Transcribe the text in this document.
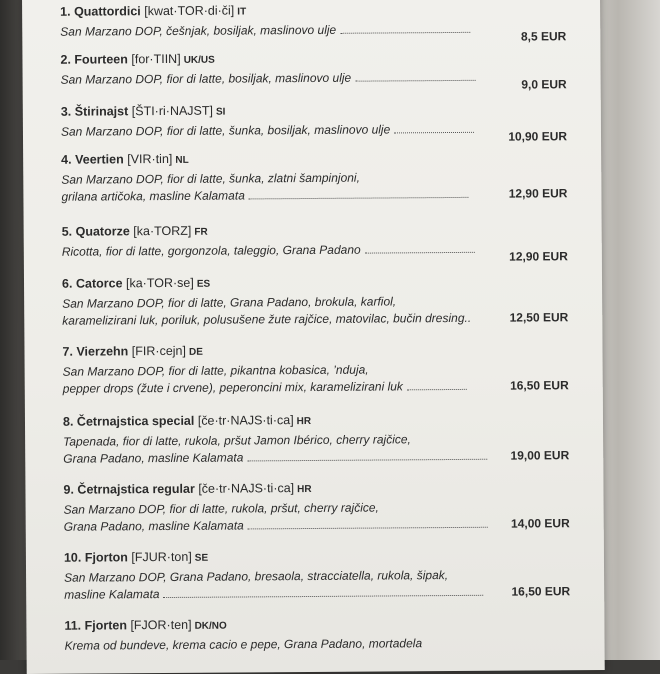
1. Quattordici [kwat·TOR·di·či] IT
San Marzano DOP, češnjak, bosiljak, maslinovo ulje	8,5 EUR
2. Fourteen [for·TIIN] UK/US
San Marzano DOP, fior di latte, bosiljak, maslinovo ulje	9,0 EUR
3. Štirinajst [ŠTI·ri·NAJST] SI
San Marzano DOP, fior di latte, šunka, bosiljak, maslinovo ulje	10,90 EUR
4. Veertien [VIR·tin] NL
San Marzano DOP, fior di latte, šunka, zlatni šampinjoni,
grilana artičoka, masline Kalamata	12,90 EUR
5. Quatorze [ka·TORZ] FR
Ricotta, fior di latte, gorgonzola, taleggio, Grana Padano	12,90 EUR
6. Catorce [ka·TOR·se] ES
San Marzano DOP, fior di latte, Grana Padano, brokula, karfiol,
karamelizirani luk, poriluk, polusušene žute rajčice, matovilac, bučin dresing..	12,50 EUR
7. Vierzehn [FIR·cejn] DE
San Marzano DOP, fior di latte, pikantna kobasica, ’nduja,
pepper drops (žute i crvene), peperoncini mix, karamelizirani luk	16,50 EUR
8. Četrnajstica special [če·tr·NAJS·ti·ca] HR
Tapenada, fior di latte, rukola, pršut Jamon Ibérico, cherry rajčice,
Grana Padano, masline Kalamata	19,00 EUR
9. Četrnajstica regular [če·tr·NAJS·ti·ca] HR
San Marzano DOP, fior di latte, rukola, pršut, cherry rajčice,
Grana Padano, masline Kalamata	14,00 EUR
10. Fjorton [FJUR·ton] SE
San Marzano DOP, Grana Padano, bresaola, stracciatella, rukola, šipak,
masline Kalamata	16,50 EUR
11. Fjorten [FJOR·ten] DK/NO
Krema od bundeve, krema cacio e pepe, Grana Padano, mortadela
